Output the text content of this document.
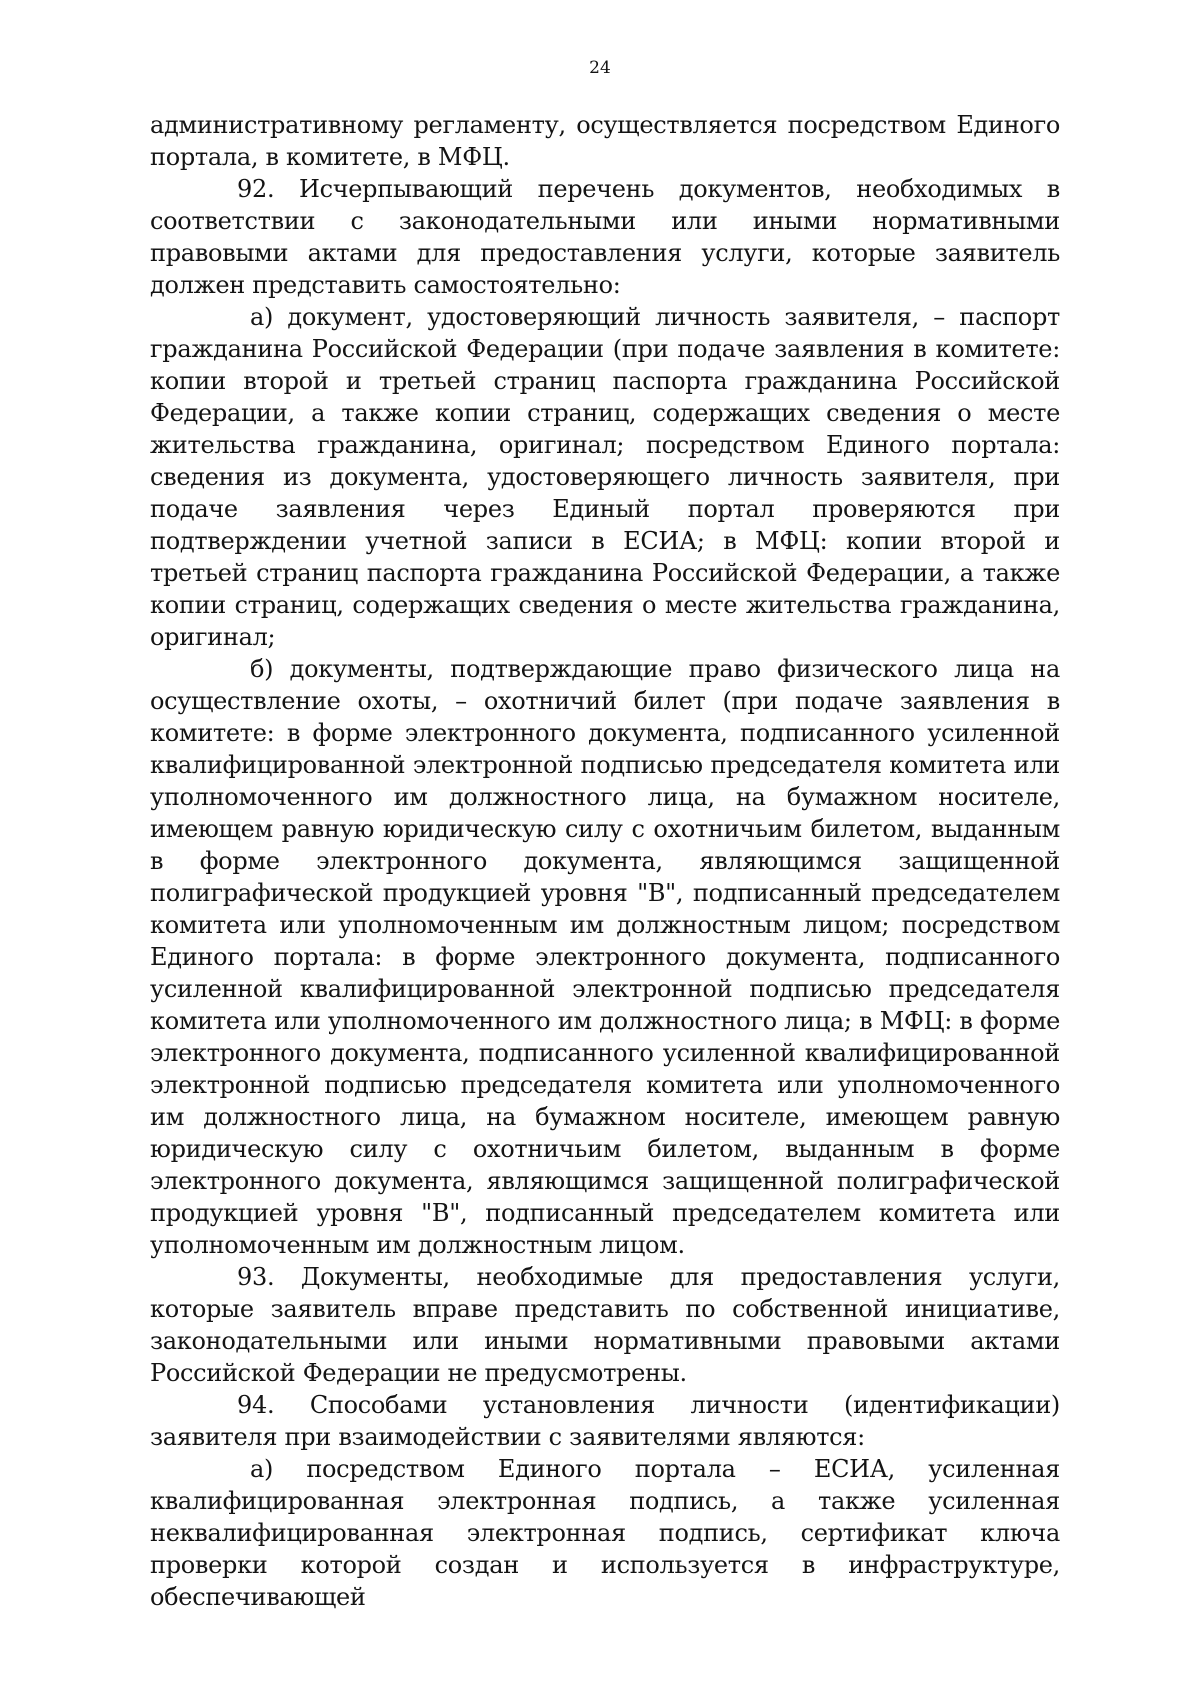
24

административному регламенту, осуществляется посредством Единого портала, в комитете, в МФЦ.

92. Исчерпывающий перечень документов, необходимых в соответствии с законодательными или иными нормативными правовыми актами для предоставления услуги, которые заявитель должен представить самостоятельно:

а) документ, удостоверяющий личность заявителя, – паспорт гражданина Российской Федерации (при подаче заявления в комитете: копии второй и третьей страниц паспорта гражданина Российской Федерации, а также копии страниц, содержащих сведения о месте жительства гражданина, оригинал; посредством Единого портала: сведения из документа, удостоверяющего личность заявителя, при подаче заявления через Единый портал проверяются при подтверждении учетной записи в ЕСИА; в МФЦ: копии второй и третьей страниц паспорта гражданина Российской Федерации, а также копии страниц, содержащих сведения о месте жительства гражданина, оригинал;

б) документы, подтверждающие право физического лица на осуществление охоты, – охотничий билет (при подаче заявления в комитете: в форме электронного документа, подписанного усиленной квалифицированной электронной подписью председателя комитета или уполномоченного им должностного лица, на бумажном носителе, имеющем равную юридическую силу с охотничьим билетом, выданным в форме электронного документа, являющимся защищенной полиграфической продукцией уровня "В", подписанный председателем комитета или уполномоченным им должностным лицом; посредством Единого портала: в форме электронного документа, подписанного усиленной квалифицированной электронной подписью председателя комитета или уполномоченного им должностного лица; в МФЦ: в форме электронного документа, подписанного усиленной квалифицированной электронной подписью председателя комитета или уполномоченного им должностного лица, на бумажном носителе, имеющем равную юридическую силу с охотничьим билетом, выданным в форме электронного документа, являющимся защищенной полиграфической продукцией уровня "В", подписанный председателем комитета или уполномоченным им должностным лицом.

93. Документы, необходимые для предоставления услуги, которые заявитель вправе представить по собственной инициативе, законодательными или иными нормативными правовыми актами Российской Федерации не предусмотрены.

94. Способами установления личности (идентификации) заявителя при взаимодействии с заявителями являются:

а) посредством Единого портала – ЕСИА, усиленная квалифицированная электронная подпись, а также усиленная неквалифицированная электронная подпись, сертификат ключа проверки которой создан и используется в инфраструктуре, обеспечивающей
